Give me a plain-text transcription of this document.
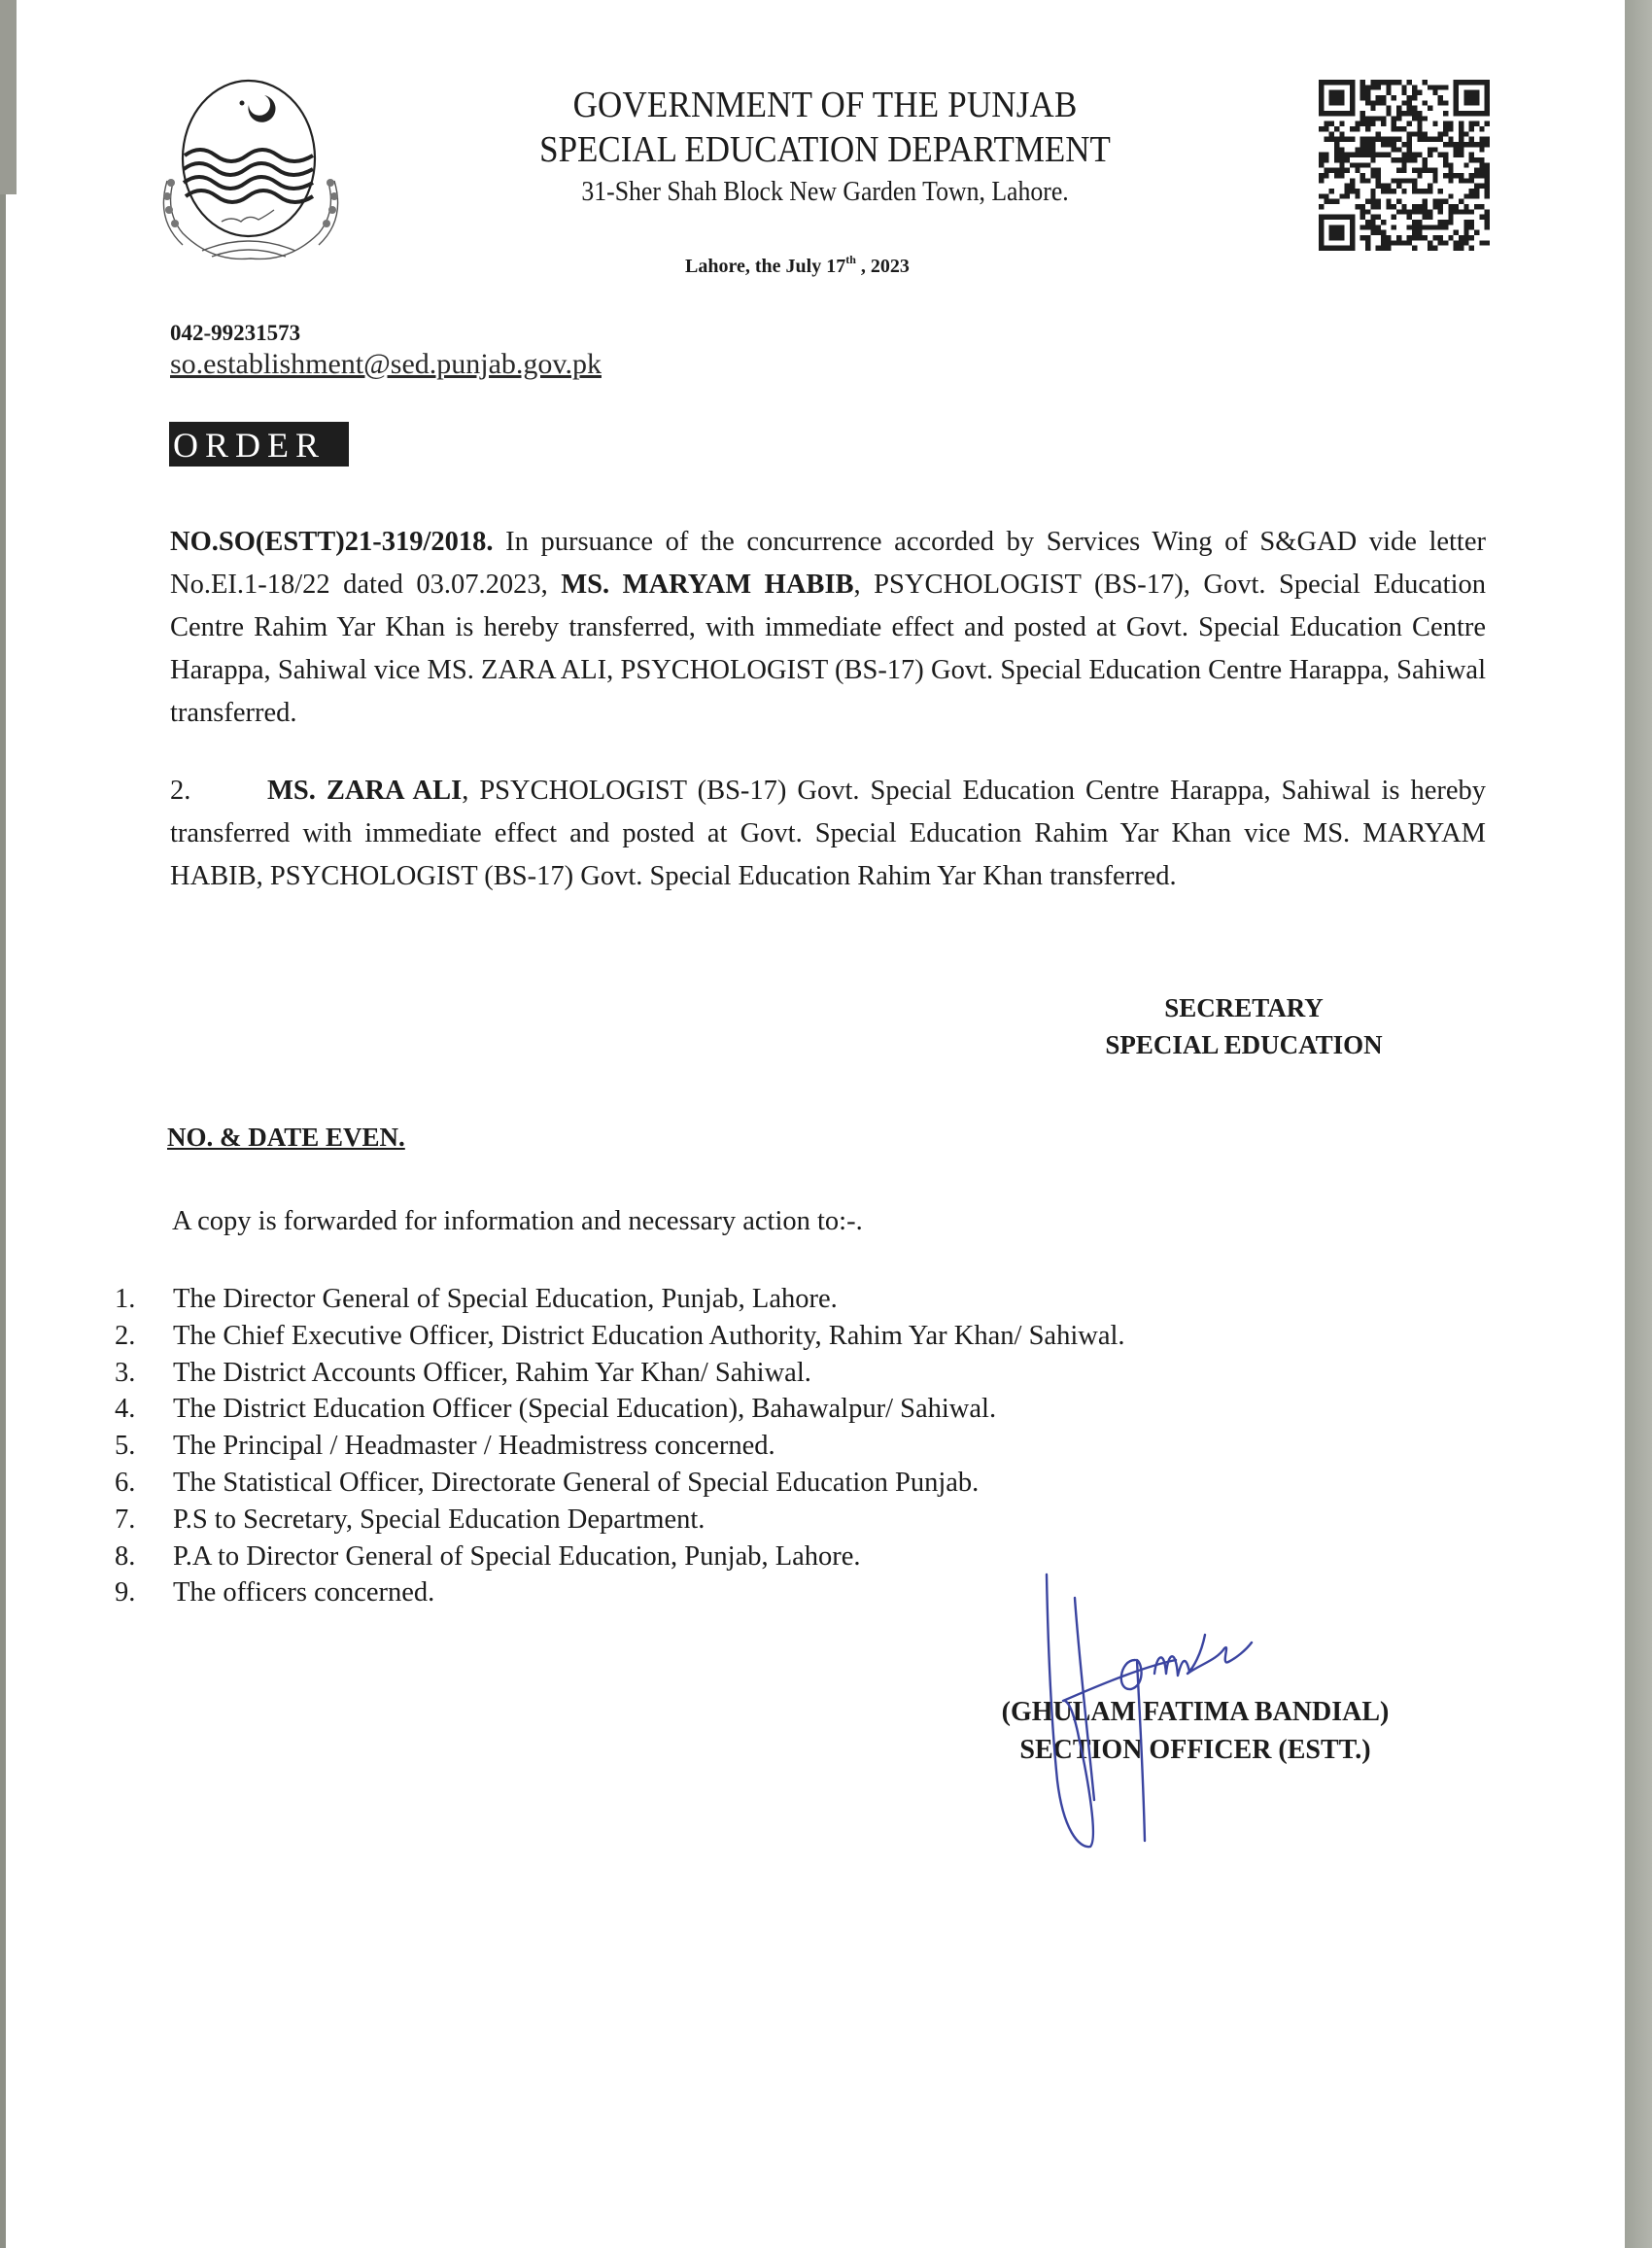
GOVERNMENT OF THE PUNJAB
SPECIAL EDUCATION DEPARTMENT
31-Sher Shah Block New Garden Town, Lahore.
Lahore, the July 17th , 2023
042-99231573
so.establishment@sed.punjab.gov.pk
ORDER
NO.SO(ESTT)21-319/2018. In pursuance of the concurrence accorded by Services Wing of S&GAD vide letter No.EI.1-18/22 dated 03.07.2023, MS. MARYAM HABIB, PSYCHOLOGIST (BS-17), Govt. Special Education Centre Rahim Yar Khan is hereby transferred, with immediate effect and posted at Govt. Special Education Centre Harappa, Sahiwal vice MS. ZARA ALI, PSYCHOLOGIST (BS-17) Govt. Special Education Centre Harappa, Sahiwal transferred.
2.	MS. ZARA ALI, PSYCHOLOGIST (BS-17) Govt. Special Education Centre Harappa, Sahiwal is hereby transferred with immediate effect and posted at Govt. Special Education Rahim Yar Khan vice MS. MARYAM HABIB, PSYCHOLOGIST (BS-17) Govt. Special Education Rahim Yar Khan transferred.
SECRETARY
SPECIAL EDUCATION
NO. & DATE EVEN.
A copy is forwarded for information and necessary action to:-.
1. The Director General of Special Education, Punjab, Lahore.
2. The Chief Executive Officer, District Education Authority, Rahim Yar Khan/ Sahiwal.
3. The District Accounts Officer, Rahim Yar Khan/ Sahiwal.
4. The District Education Officer (Special Education), Bahawalpur/ Sahiwal.
5. The Principal / Headmaster / Headmistress concerned.
6. The Statistical Officer, Directorate General of Special Education Punjab.
7. P.S to Secretary, Special Education Department.
8. P.A to Director General of Special Education, Punjab, Lahore.
9. The officers concerned.
(GHULAM FATIMA BANDIAL)
SECTION OFFICER (ESTT.)
